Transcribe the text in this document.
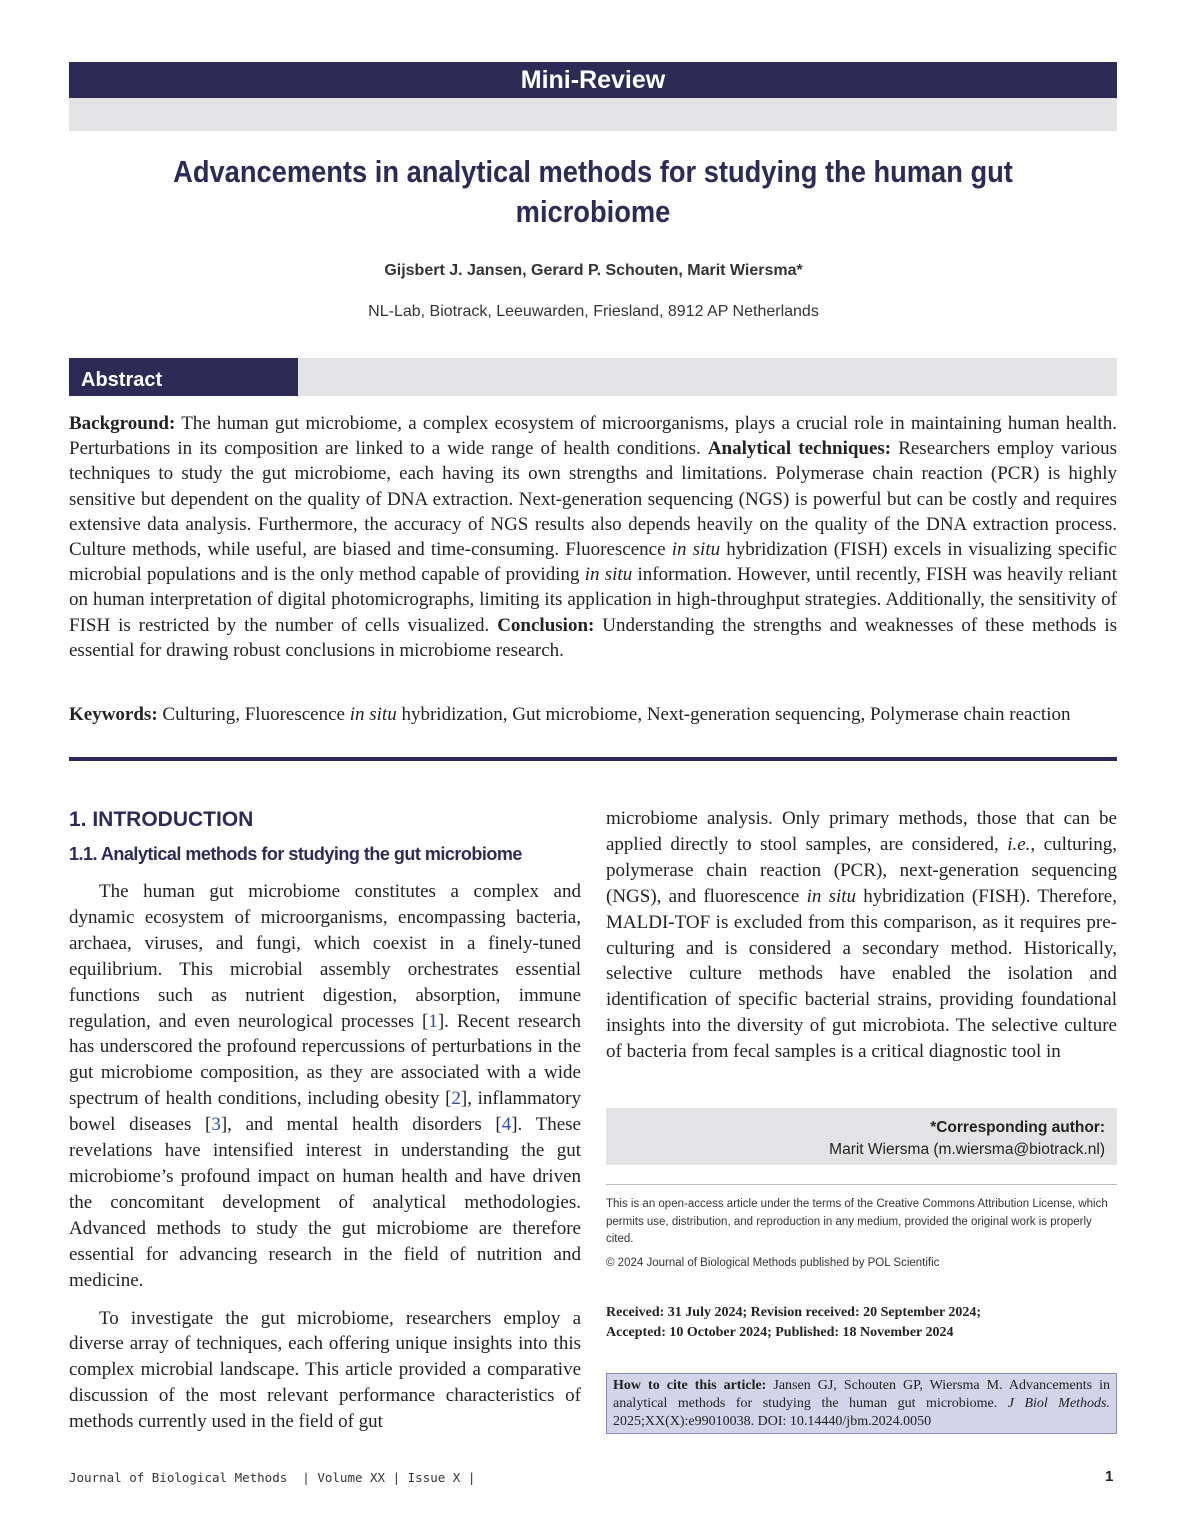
Mini-Review
Advancements in analytical methods for studying the human gut microbiome
Gijsbert J. Jansen, Gerard P. Schouten, Marit Wiersma*
NL-Lab, Biotrack, Leeuwarden, Friesland, 8912 AP Netherlands
Abstract
Background: The human gut microbiome, a complex ecosystem of microorganisms, plays a crucial role in maintaining human health. Perturbations in its composition are linked to a wide range of health conditions. Analytical techniques: Researchers employ various techniques to study the gut microbiome, each having its own strengths and limitations. Polymerase chain reaction (PCR) is highly sensitive but dependent on the quality of DNA extraction. Next-generation sequencing (NGS) is powerful but can be costly and requires extensive data analysis. Furthermore, the accuracy of NGS results also depends heavily on the quality of the DNA extraction process. Culture methods, while useful, are biased and time-consuming. Fluorescence in situ hybridization (FISH) excels in visualizing specific microbial populations and is the only method capable of providing in situ information. However, until recently, FISH was heavily reliant on human interpretation of digital photomicrographs, limiting its application in high-throughput strategies. Additionally, the sensitivity of FISH is restricted by the number of cells visualized. Conclusion: Understanding the strengths and weaknesses of these methods is essential for drawing robust conclusions in microbiome research.
Keywords: Culturing, Fluorescence in situ hybridization, Gut microbiome, Next-generation sequencing, Polymerase chain reaction
1. INTRODUCTION
1.1. Analytical methods for studying the gut microbiome

The human gut microbiome constitutes a complex and dynamic ecosystem of microorganisms, encompassing bacteria, archaea, viruses, and fungi, which coexist in a finely-tuned equilibrium. This microbial assembly orchestrates essential functions such as nutrient digestion, absorption, immune regulation, and even neurological processes [1]. Recent research has underscored the profound repercussions of perturbations in the gut microbiome composition, as they are associated with a wide spectrum of health conditions, including obesity [2], inflammatory bowel diseases [3], and mental health disorders [4]. These revelations have intensified interest in understanding the gut microbiome’s profound impact on human health and have driven the concomitant development of analytical methodologies. Advanced methods to study the gut microbiome are therefore essential for advancing research in the field of nutrition and medicine.

To investigate the gut microbiome, researchers employ a diverse array of techniques, each offering unique insights into this complex microbial landscape. This article provided a comparative discussion of the most relevant performance characteristics of methods currently used in the field of gut

microbiome analysis. Only primary methods, those that can be applied directly to stool samples, are considered, i.e., culturing, polymerase chain reaction (PCR), next-generation sequencing (NGS), and fluorescence in situ hybridization (FISH). Therefore, MALDI-TOF is excluded from this comparison, as it requires pre-culturing and is considered a secondary method. Historically, selective culture methods have enabled the isolation and identification of specific bacterial strains, providing foundational insights into the diversity of gut microbiota. The selective culture of bacteria from fecal samples is a critical diagnostic tool in

*Corresponding author:
Marit Wiersma (m.wiersma@biotrack.nl)
This is an open-access article under the terms of the Creative Commons Attribution License, which permits use, distribution, and reproduction in any medium, provided the original work is properly cited.
© 2024 Journal of Biological Methods published by POL Scientific
Received: 31 July 2024; Revision received: 20 September 2024;
Accepted: 10 October 2024; Published: 18 November 2024
How to cite this article: Jansen GJ, Schouten GP, Wiersma M. Advancements in analytical methods for studying the human gut microbiome. J Biol Methods. 2025;XX(X):e99010038. DOI: 10.14440/jbm.2024.0050
Journal of Biological Methods  | Volume XX | Issue X |	1
